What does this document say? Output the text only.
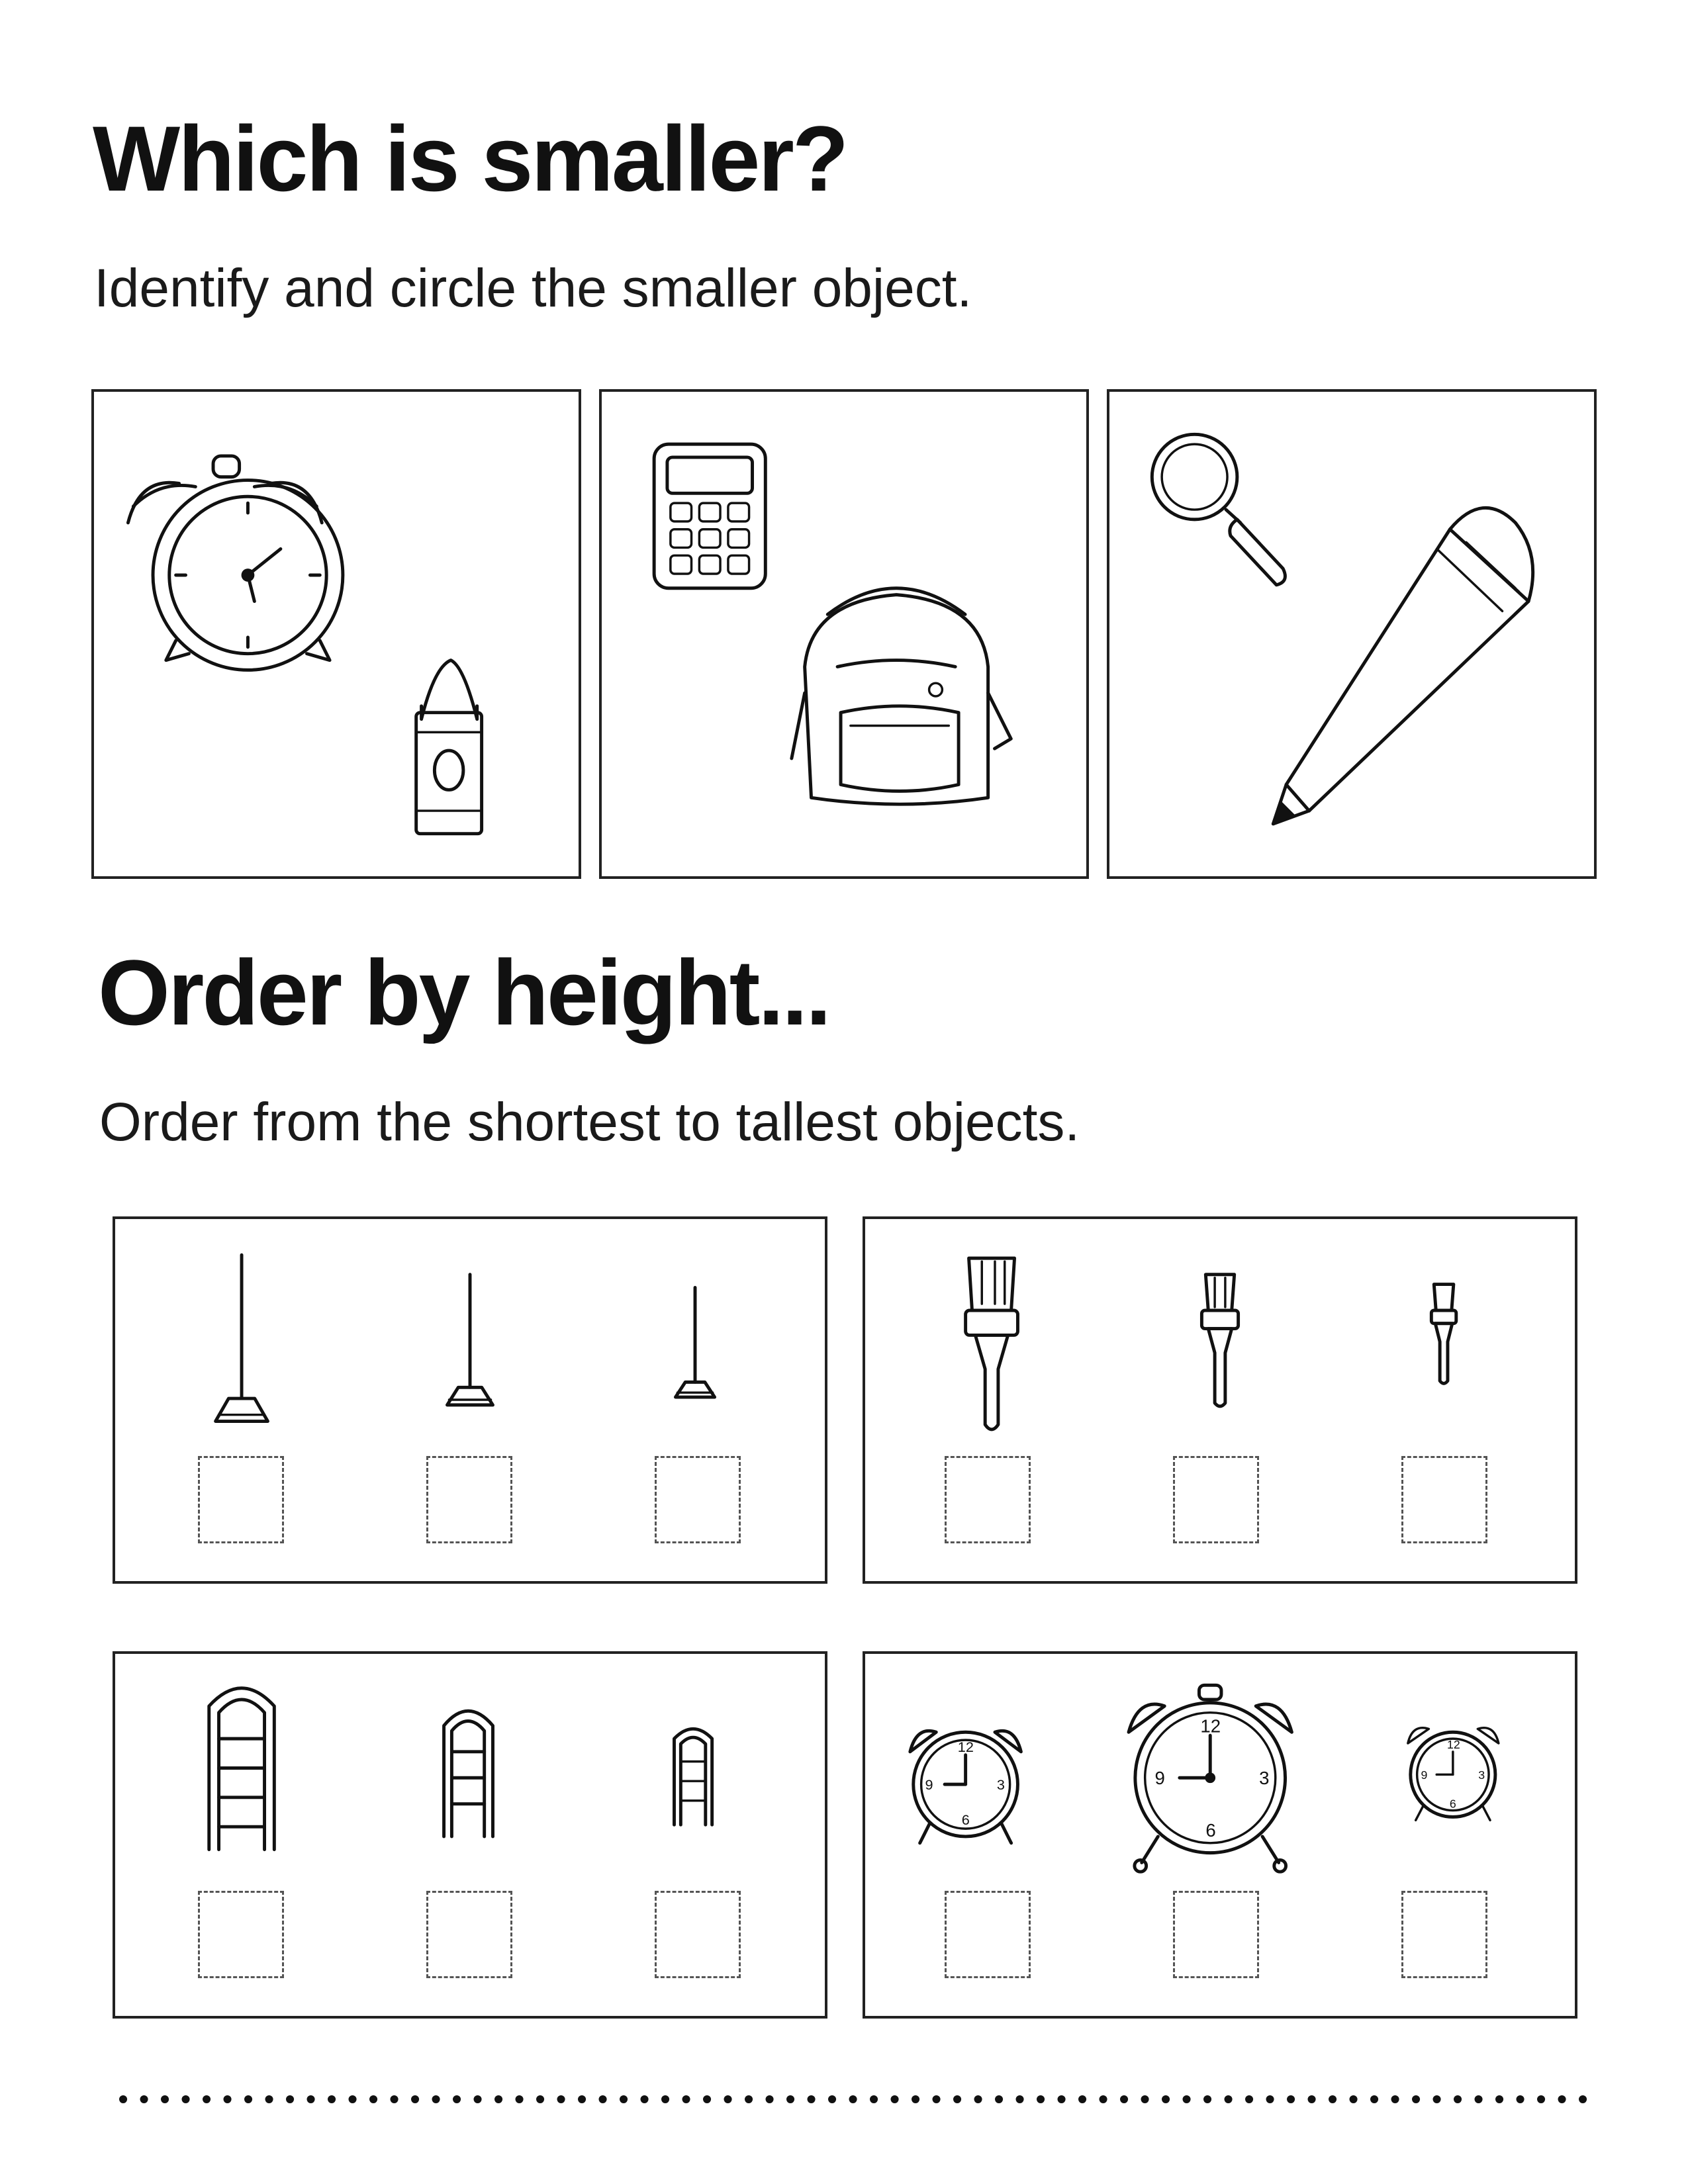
Which is smaller?

Identify and circle the smaller object.

Order by height...

Order from the shortest to tallest objects.

12
3
6
9
12
3
6
9
12
3
6
9
